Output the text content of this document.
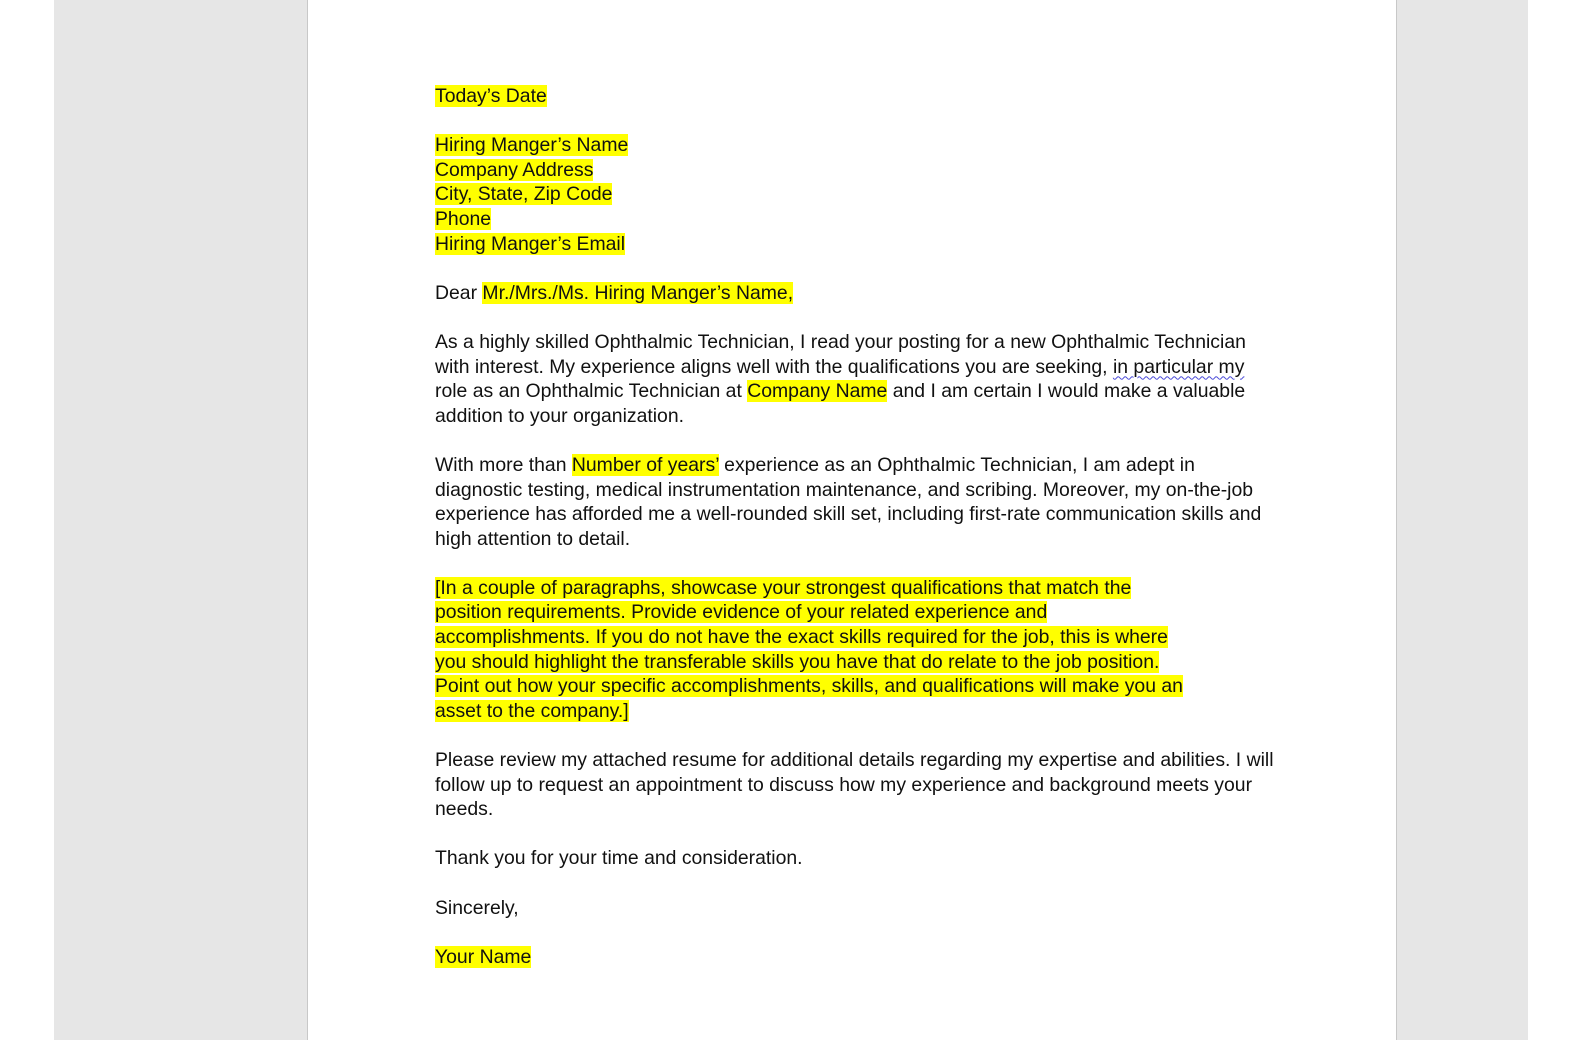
Today’s Date

Hiring Manger’s Name
Company Address
City, State, Zip Code
Phone
Hiring Manger’s Email

Dear Mr./Mrs./Ms. Hiring Manger’s Name,

As a highly skilled Ophthalmic Technician, I read your posting for a new Ophthalmic Technician with interest. My experience aligns well with the qualifications you are seeking, in particular my role as an Ophthalmic Technician at Company Name and I am certain I would make a valuable addition to your organization.

With more than Number of years’ experience as an Ophthalmic Technician, I am adept in diagnostic testing, medical instrumentation maintenance, and scribing. Moreover, my on-the-job experience has afforded me a well-rounded skill set, including first-rate communication skills and high attention to detail.

[In a couple of paragraphs, showcase your strongest qualifications that match the
position requirements. Provide evidence of your related experience and
accomplishments. If you do not have the exact skills required for the job, this is where
you should highlight the transferable skills you have that do relate to the job position.
Point out how your specific accomplishments, skills, and qualifications will make you an
asset to the company.]

Please review my attached resume for additional details regarding my expertise and abilities. I will follow up to request an appointment to discuss how my experience and background meets your needs.

Thank you for your time and consideration.

Sincerely,

Your Name
